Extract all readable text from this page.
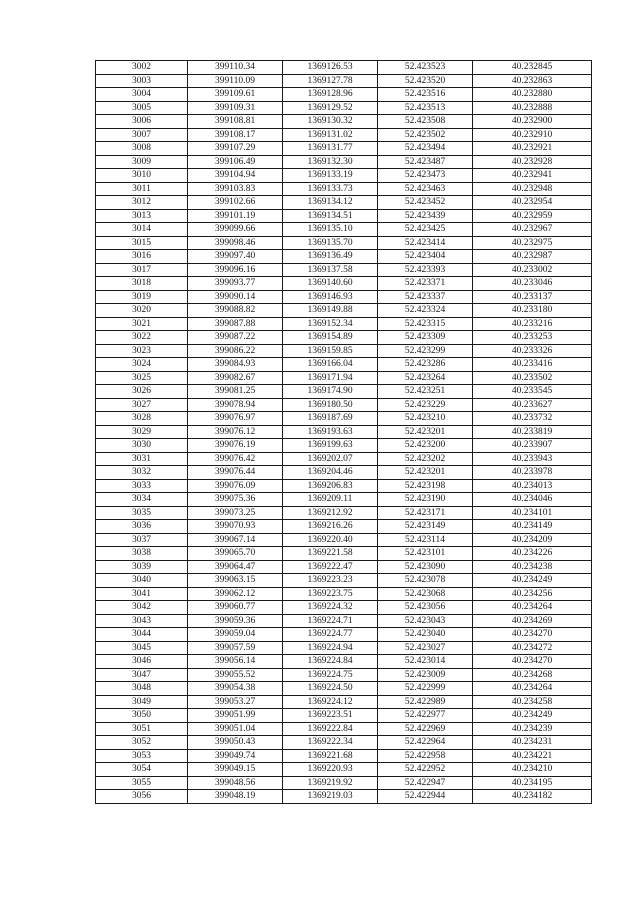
3002	399110.34	1369126.53	52.423523	40.232845
3003	399110.09	1369127.78	52.423520	40.232863
3004	399109.61	1369128.96	52.423516	40.232880
3005	399109.31	1369129.52	52.423513	40.232888
3006	399108.81	1369130.32	52.423508	40.232900
3007	399108.17	1369131.02	52.423502	40.232910
3008	399107.29	1369131.77	52.423494	40.232921
3009	399106.49	1369132.30	52.423487	40.232928
3010	399104.94	1369133.19	52.423473	40.232941
3011	399103.83	1369133.73	52.423463	40.232948
3012	399102.66	1369134.12	52.423452	40.232954
3013	399101.19	1369134.51	52.423439	40.232959
3014	399099.66	1369135.10	52.423425	40.232967
3015	399098.46	1369135.70	52.423414	40.232975
3016	399097.40	1369136.49	52.423404	40.232987
3017	399096.16	1369137.58	52.423393	40.233002
3018	399093.77	1369140.60	52.423371	40.233046
3019	399090.14	1369146.93	52.423337	40.233137
3020	399088.82	1369149.88	52.423324	40.233180
3021	399087.88	1369152.34	52.423315	40.233216
3022	399087.22	1369154.89	52.423309	40.233253
3023	399086.22	1369159.85	52.423299	40.233326
3024	399084.93	1369166.04	52.423286	40.233416
3025	399082.67	1369171.94	52.423264	40.233502
3026	399081.25	1369174.90	52.423251	40.233545
3027	399078.94	1369180.50	52.423229	40.233627
3028	399076.97	1369187.69	52.423210	40.233732
3029	399076.12	1369193.63	52.423201	40.233819
3030	399076.19	1369199.63	52.423200	40.233907
3031	399076.42	1369202.07	52.423202	40.233943
3032	399076.44	1369204.46	52.423201	40.233978
3033	399076.09	1369206.83	52.423198	40.234013
3034	399075.36	1369209.11	52.423190	40.234046
3035	399073.25	1369212.92	52.423171	40.234101
3036	399070.93	1369216.26	52.423149	40.234149
3037	399067.14	1369220.40	52.423114	40.234209
3038	399065.70	1369221.58	52.423101	40.234226
3039	399064.47	1369222.47	52.423090	40.234238
3040	399063.15	1369223.23	52.423078	40.234249
3041	399062.12	1369223.75	52.423068	40.234256
3042	399060.77	1369224.32	52.423056	40.234264
3043	399059.36	1369224.71	52.423043	40.234269
3044	399059.04	1369224.77	52.423040	40.234270
3045	399057.59	1369224.94	52.423027	40.234272
3046	399056.14	1369224.84	52.423014	40.234270
3047	399055.52	1369224.75	52.423009	40.234268
3048	399054.38	1369224.50	52.422999	40.234264
3049	399053.27	1369224.12	52.422989	40.234258
3050	399051.99	1369223.51	52.422977	40.234249
3051	399051.04	1369222.84	52.422969	40.234239
3052	399050.43	1369222.34	52.422964	40.234231
3053	399049.74	1369221.68	52.422958	40.234221
3054	399049.15	1369220.93	52.422952	40.234210
3055	399048.56	1369219.92	52.422947	40.234195
3056	399048.19	1369219.03	52.422944	40.234182
